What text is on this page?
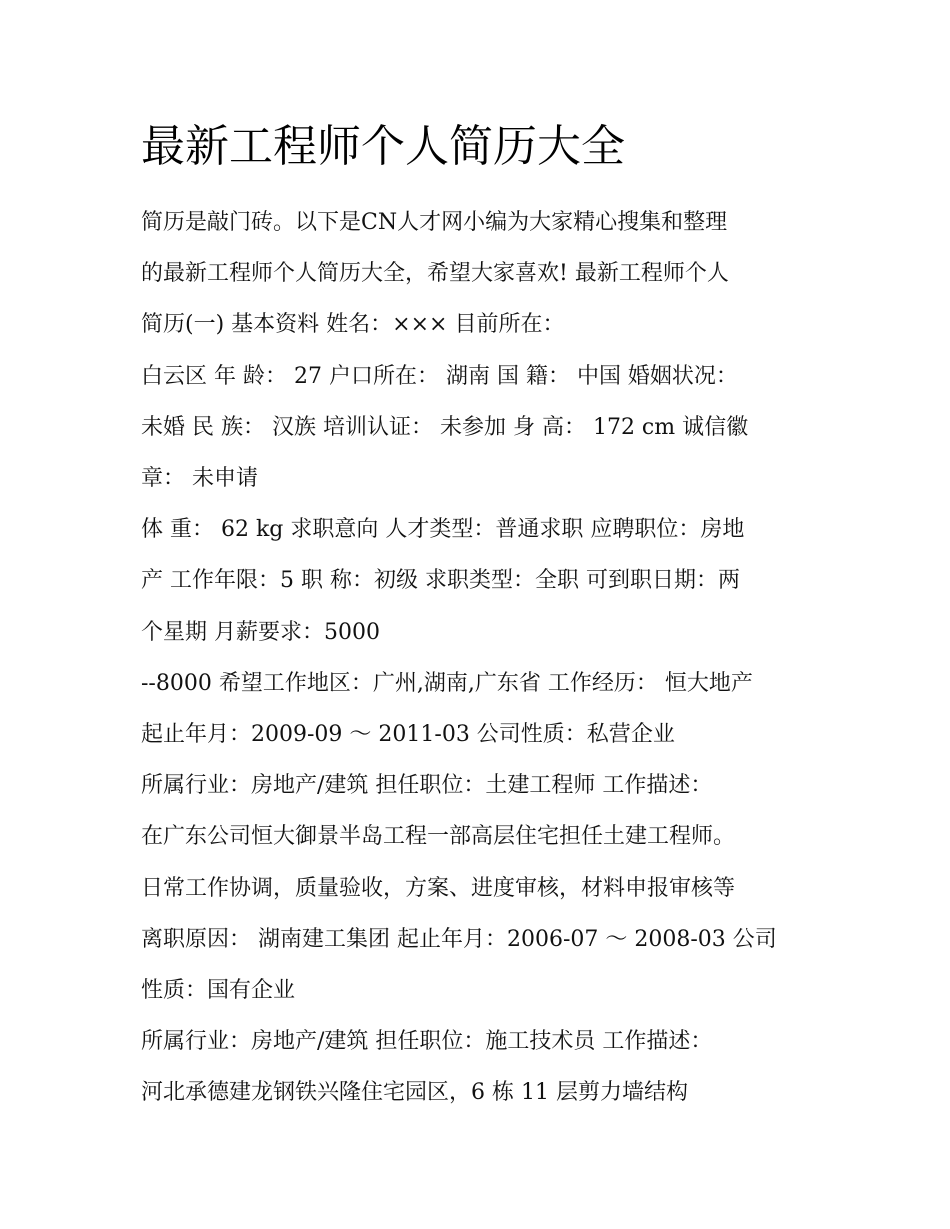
最新工程师个人简历大全

简历是敲门砖。以下是CN人才网小编为大家精心搜集和整理

的最新工程师个人简历大全，希望大家喜欢! 最新工程师个人

简历(一) 基本资料 姓名：××× 目前所在：

白云区 年 龄： 27 户口所在： 湖南 国 籍： 中国 婚姻状况：

未婚 民 族： 汉族 培训认证： 未参加 身 高： 172 cm 诚信徽

章： 未申请

体 重： 62 kg 求职意向 人才类型：普通求职 应聘职位：房地

产 工作年限：5 职 称：初级 求职类型：全职 可到职日期：两

个星期 月薪要求：5000

--8000 希望工作地区：广州,湖南,广东省 工作经历： 恒大地产

起止年月：2009-09 ～ 2011-03 公司性质：私营企业

所属行业：房地产/建筑 担任职位：土建工程师 工作描述：

在广东公司恒大御景半岛工程一部高层住宅担任土建工程师。

日常工作协调，质量验收，方案、进度审核，材料申报审核等

离职原因： 湖南建工集团 起止年月：2006-07 ～ 2008-03 公司

性质：国有企业

所属行业：房地产/建筑 担任职位：施工技术员 工作描述：

河北承德建龙钢铁兴隆住宅园区，6 栋 11 层剪力墙结构
